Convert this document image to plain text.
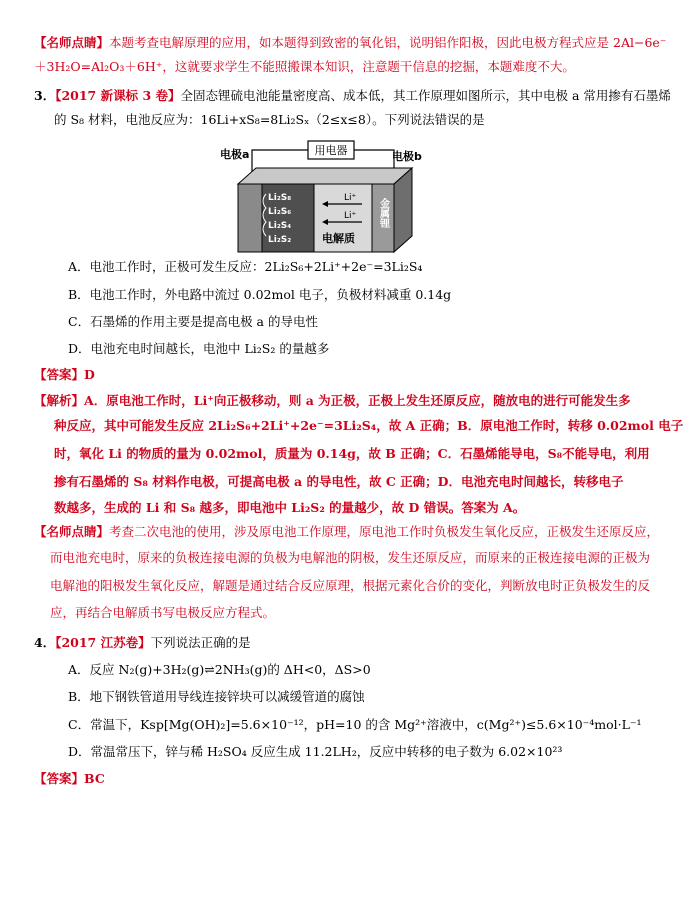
【名师点睛】本题考查电解原理的应用，如本题得到致密的氧化铝，说明铝作阳极，因此电极方程式应是 2Al−6e⁻
＋3H₂O=Al₂O₃＋6H⁺，这就要求学生不能照搬课本知识，注意题干信息的挖掘，本题难度不大。
3．【2017 新课标 3 卷】全固态锂硫电池能量密度高、成本低，其工作原理如图所示，其中电极 a 常用掺有石墨烯
的 S₈ 材料，电池反应为：16Li+xS₈=8Li₂Sₓ（2≤x≤8）。下列说法错误的是
用电器
电极a	电极b
Li₂S₈
Li₂S₆
Li₂S₄
Li₂S₂
Li⁺
Li⁺
电解质
金属锂
A．电池工作时，正极可发生反应：2Li₂S₆+2Li⁺+2e⁻=3Li₂S₄
B．电池工作时，外电路中流过 0.02mol 电子，负极材料减重 0.14g
C．石墨烯的作用主要是提高电极 a 的导电性
D．电池充电时间越长，电池中 Li₂S₂ 的量越多
【答案】D
【解析】A．原电池工作时，Li⁺向正极移动，则 a 为正极，正极上发生还原反应，随放电的进行可能发生多
种反应，其中可能发生反应 2Li₂S₆+2Li⁺+2e⁻=3Li₂S₄，故 A 正确；B．原电池工作时，转移 0.02mol 电子
时，氧化 Li 的物质的量为 0.02mol，质量为 0.14g，故 B 正确；C．石墨烯能导电，S₈不能导电，利用
掺有石墨烯的 S₈ 材料作电极，可提高电极 a 的导电性，故 C 正确；D．电池充电时间越长，转移电子
数越多，生成的 Li 和 S₈ 越多，即电池中 Li₂S₂ 的量越少，故 D 错误。答案为 A。
【名师点睛】考查二次电池的使用，涉及原电池工作原理，原电池工作时负极发生氧化反应，正极发生还原反应，
而电池充电时，原来的负极连接电源的负极为电解池的阴极，发生还原反应，而原来的正极连接电源的正极为
电解池的阳极发生氧化反应，解题是通过结合反应原理，根据元素化合价的变化，判断放电时正负极发生的反
应，再结合电解质书写电极反应方程式。
4．【2017 江苏卷】下列说法正确的是
A．反应 N₂(g)+3H₂(g)⇌2NH₃(g)的 ΔH<0，ΔS>0
B．地下钢铁管道用导线连接锌块可以减缓管道的腐蚀
C．常温下，Ksp[Mg(OH)₂]=5.6×10⁻¹²，pH=10 的含 Mg²⁺溶液中，c(Mg²⁺)≤5.6×10⁻⁴mol·L⁻¹
D．常温常压下，锌与稀 H₂SO₄ 反应生成 11.2LH₂，反应中转移的电子数为 6.02×10²³
【答案】BC
